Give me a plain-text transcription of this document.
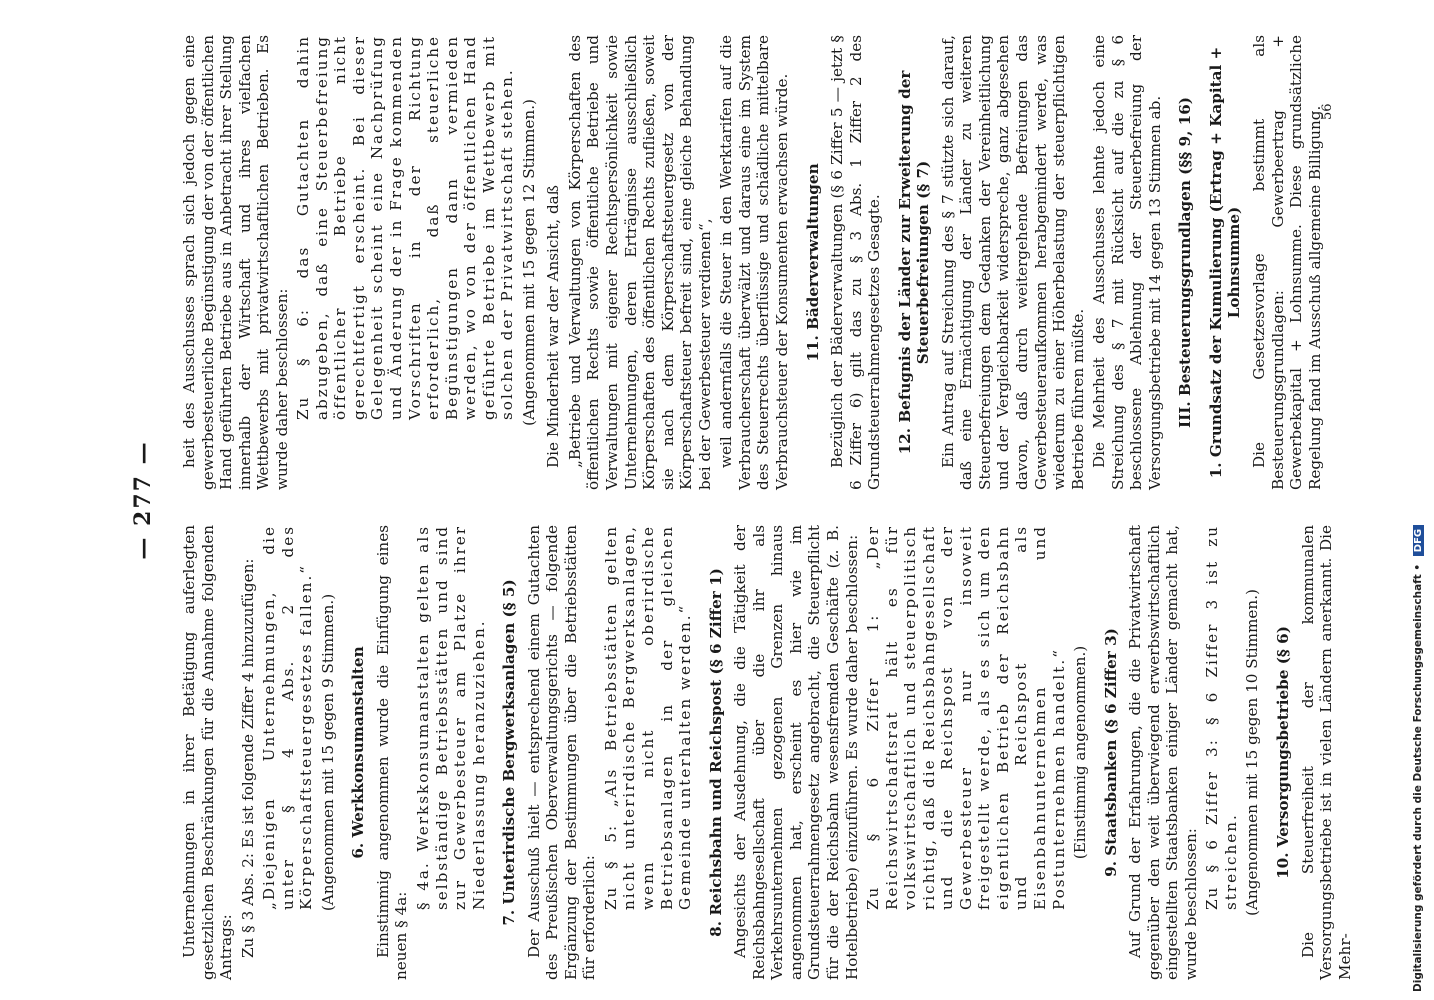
— 277 —

Unternehmungen in ihrer Betätigung auferlegten gesetzlichen Beschränkungen für die Annahme folgenden Antrags: Zu § 3 Abs. 2: Es ist folgende Ziffer 4 hinzuzufügen: „Diejenigen Unternehmungen, die unter § 4 Abs. 2 des Körperschaftsteuergesetzes fallen.“ (Angenommen mit 15 gegen 9 Stimmen.) 6. Werkkonsumanstalten Einstimmig angenommen wurde die Einfügung eines neuen § 4a:

§ 4a. Werkskonsumanstalten gelten als selbständige Betriebsstätten und sind zur Gewerbesteuer am Platze ihrer Niederlassung heranzuziehen. 7. Unterirdische Bergwerksanlagen (§ 5) Der Ausschuß hielt — entsprechend einem Gutachten des Preußischen Oberverwaltungsgerichts — folgende Ergänzung der Bestimmungen über die Betriebsstätten für erforderlich:

Zu § 5: „Als Betriebsstätten gelten nicht unterirdische Bergwerksanlagen, wenn nicht oberirdische Betriebsanlagen in der gleichen Gemeinde unterhalten werden.“ 8. Reichsbahn und Reichspost (§ 6 Ziffer 1) Angesichts der Ausdehnung, die die Tätigkeit der Reichsbahngesellschaft über die ihr als Verkehrsunternehmen gezogenen Grenzen hinaus angenommen hat, erscheint es hier wie im Grundsteuerrahmengesetz angebracht, die Steuerpflicht für die der Reichsbahn wesensfremden Geschäfte (z. B. Hotelbetriebe) einzuführen. Es wurde daher beschlossen: Zu § 6 Ziffer 1: „Der Reichswirtschaftsrat hält es für volkswirtschaftlich und steuerpolitisch richtig, daß die Reichsbahngesellschaft und die Reichspost von der Gewerbesteuer nur insoweit freigestellt werde, als es sich um den eigentlichen Betrieb der Reichsbahn und Reichspost als Eisenbahnunternehmen und Postunternehmen handelt.“ (Einstimmig angenommen.) 9. Staatsbanken (§ 6 Ziffer 3) Auf Grund der Erfahrungen, die die Privatwirtschaft gegenüber den weit überwiegend erwerbswirtschaftlich eingestellten Staatsbanken einiger Länder gemacht hat, wurde beschlossen: Zu § 6 Ziffer 3: § 6 Ziffer 3 ist zu streichen. (Angenommen mit 15 gegen 10 Stimmen.) 10. Versorgungsbetriebe (§ 6) Die Steuerfreiheit der kommunalen Versorgungsbetriebe ist in vielen Ländern anerkannt. Die Mehr-

heit des Ausschusses sprach sich jedoch gegen eine gewerbesteuerliche Begünstigung der von der öffentlichen Hand geführten Betriebe aus in Anbetracht ihrer Stellung innerhalb der Wirtschaft und ihres vielfachen Wettbewerbs mit privatwirtschaftlichen Betrieben. Es wurde daher beschlossen: Zu § 6: das Gutachten dahin abzugeben, daß eine Steuerbefreiung öffentlicher Betriebe nicht gerechtfertigt erscheint. Bei dieser Gelegenheit scheint eine Nachprüfung und Änderung der in Frage kommenden Vorschriften in der Richtung erforderlich, daß steuerliche Begünstigungen dann vermieden werden, wo von der öffentlichen Hand geführte Betriebe im Wettbewerb mit solchen der Privatwirtschaft stehen. (Angenommen mit 15 gegen 12 Stimmen.) Die Minderheit war der Ansicht, daß „Betriebe und Verwaltungen von Körperschaften des öffentlichen Rechts sowie öffentliche Betriebe und Verwaltungen mit eigener Rechtspersönlichkeit sowie Unternehmungen, deren Erträgnisse ausschließlich Körperschaften des öffentlichen Rechts zufließen, soweit sie nach dem Körperschaftsteuergesetz von der Körperschaftsteuer befreit sind, eine gleiche Behandlung bei der Gewerbesteuer verdienen“, weil andernfalls die Steuer in den Werktarifen auf die Verbraucherschaft überwälzt und daraus eine im System des Steuerrechts überflüssige und schädliche mittelbare Verbrauchsteuer der Konsumenten erwachsen würde. 11. Bäderverwaltungen Bezüglich der Bäderverwaltungen (§ 6 Ziffer 5 — jetzt § 6 Ziffer 6) gilt das zu § 3 Abs. 1 Ziffer 2 des Grundsteuerrahmengesetzes Gesagte. 12. Befugnis der Länder zur Erweiterung der Steuerbefreiungen (§ 7) Ein Antrag auf Streichung des § 7 stützte sich darauf, daß eine Ermächtigung der Länder zu weiteren Steuerbefreiungen dem Gedanken der Vereinheitlichung und der Vergleichbarkeit widerspreche, ganz abgesehen davon, daß durch weitergehende Befreiungen das Gewerbesteueraufkommen herabgemindert werde, was wiederum zu einer Höherbelastung der steuerpflichtigen Betriebe führen müßte. Die Mehrheit des Ausschusses lehnte jedoch eine Streichung des § 7 mit Rücksicht auf die zu § 6 beschlossene Ablehnung der Steuerbefreiung der Versorgungsbetriebe mit 14 gegen 13 Stimmen ab. III. Besteuerungsgrundlagen (§§ 9, 16) 1. Grundsatz der Kumulierung (Ertrag + Kapital + Lohnsumme) Die Gesetzesvorlage bestimmt als Besteuerungsgrundlagen: Gewerbeertrag + Gewerbekapital + Lohnsumme. Diese grundsätzliche Regelung fand im Ausschuß allgemeine Billigung.

56
Digitalisierung gefördert durch die Deutsche Forschungsgemeinschaft • DFG
